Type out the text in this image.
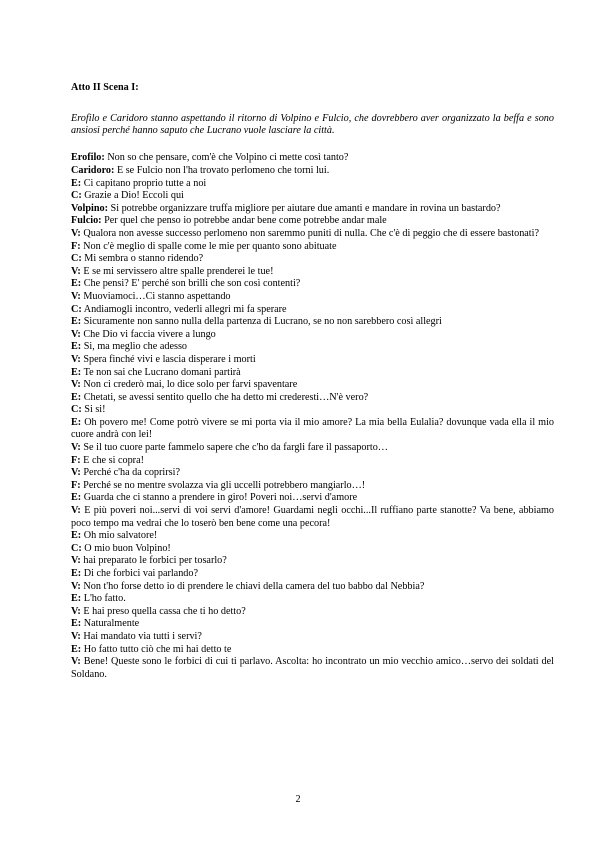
Atto II Scena I:

Erofilo e Caridoro stanno aspettando il ritorno di Volpino e Fulcio, che dovrebbero aver organizzato la beffa e sono ansiosi perché hanno saputo che Lucrano vuole lasciare la città.

Erofilo: Non so che pensare, com'è che Volpino ci mette così tanto?

Caridoro: E se Fulcio non l'ha trovato perlomeno che torni lui.

E: Ci capitano proprio tutte a noi

C: Grazie a Dio! Eccoli qui

Volpino: Si potrebbe organizzare truffa migliore per aiutare due amanti e mandare in rovina un bastardo?

Fulcio: Per quel che penso io potrebbe andar bene come potrebbe andar male

V: Qualora non avesse successo perlomeno non saremmo puniti di nulla. Che c'è di peggio che di essere bastonati?

F: Non c'è meglio di spalle come le mie per quanto sono abituate

C: Mi sembra o stanno ridendo?

V: E se mi servissero altre spalle prenderei le tue!

E: Che pensi? E' perché son brilli che son così contenti?

V: Muoviamoci…Ci stanno aspettando

C: Andiamogli incontro, vederli allegri mi fa sperare

E: Sicuramente non sanno nulla della partenza di Lucrano, se no non sarebbero così allegri

V: Che Dio vi faccia vivere a lungo

E: Si, ma meglio che adesso

V: Spera finché vivi e lascia disperare i morti

E: Te non sai che Lucrano domani partirà

V: Non ci crederò mai, lo dice solo per farvi spaventare

E: Chetati, se avessi sentito quello che ha detto mi crederesti…N'è vero?

C: Si si!

E: Oh povero me! Come potrò vivere se mi porta via il mio amore? La mia bella Eulalia? dovunque vada ella il mio cuore andrà con lei!

V: Se il tuo cuore parte fammelo sapere che c'ho da fargli fare il passaporto…

F: E che si copra!

V: Perché c'ha da coprirsi?

F: Perché se no mentre svolazza via gli uccelli potrebbero mangiarlo…!

E: Guarda che ci stanno a prendere in giro! Poveri noi…servi d'amore

V: E più poveri noi...servi di voi servi d'amore! Guardami negli occhi...Il ruffiano parte stanotte? Va bene, abbiamo poco tempo ma vedrai che lo toserò ben bene come una pecora!

E: Oh mio salvatore!

C: O mio buon Volpino!

V: hai preparato le forbici per tosarlo?

E: Di che forbici vai parlando?

V: Non t'ho forse detto io di prendere le chiavi della camera del tuo babbo dal Nebbia?

E: L'ho fatto.

V: E hai preso quella cassa che ti ho detto?

E: Naturalmente

V: Hai mandato via tutti i servi?

E: Ho fatto tutto ciò che mi hai detto te

V: Bene! Queste sono le forbici di cui ti parlavo. Ascolta: ho incontrato un mio vecchio amico…servo dei soldati del Soldano.

2
